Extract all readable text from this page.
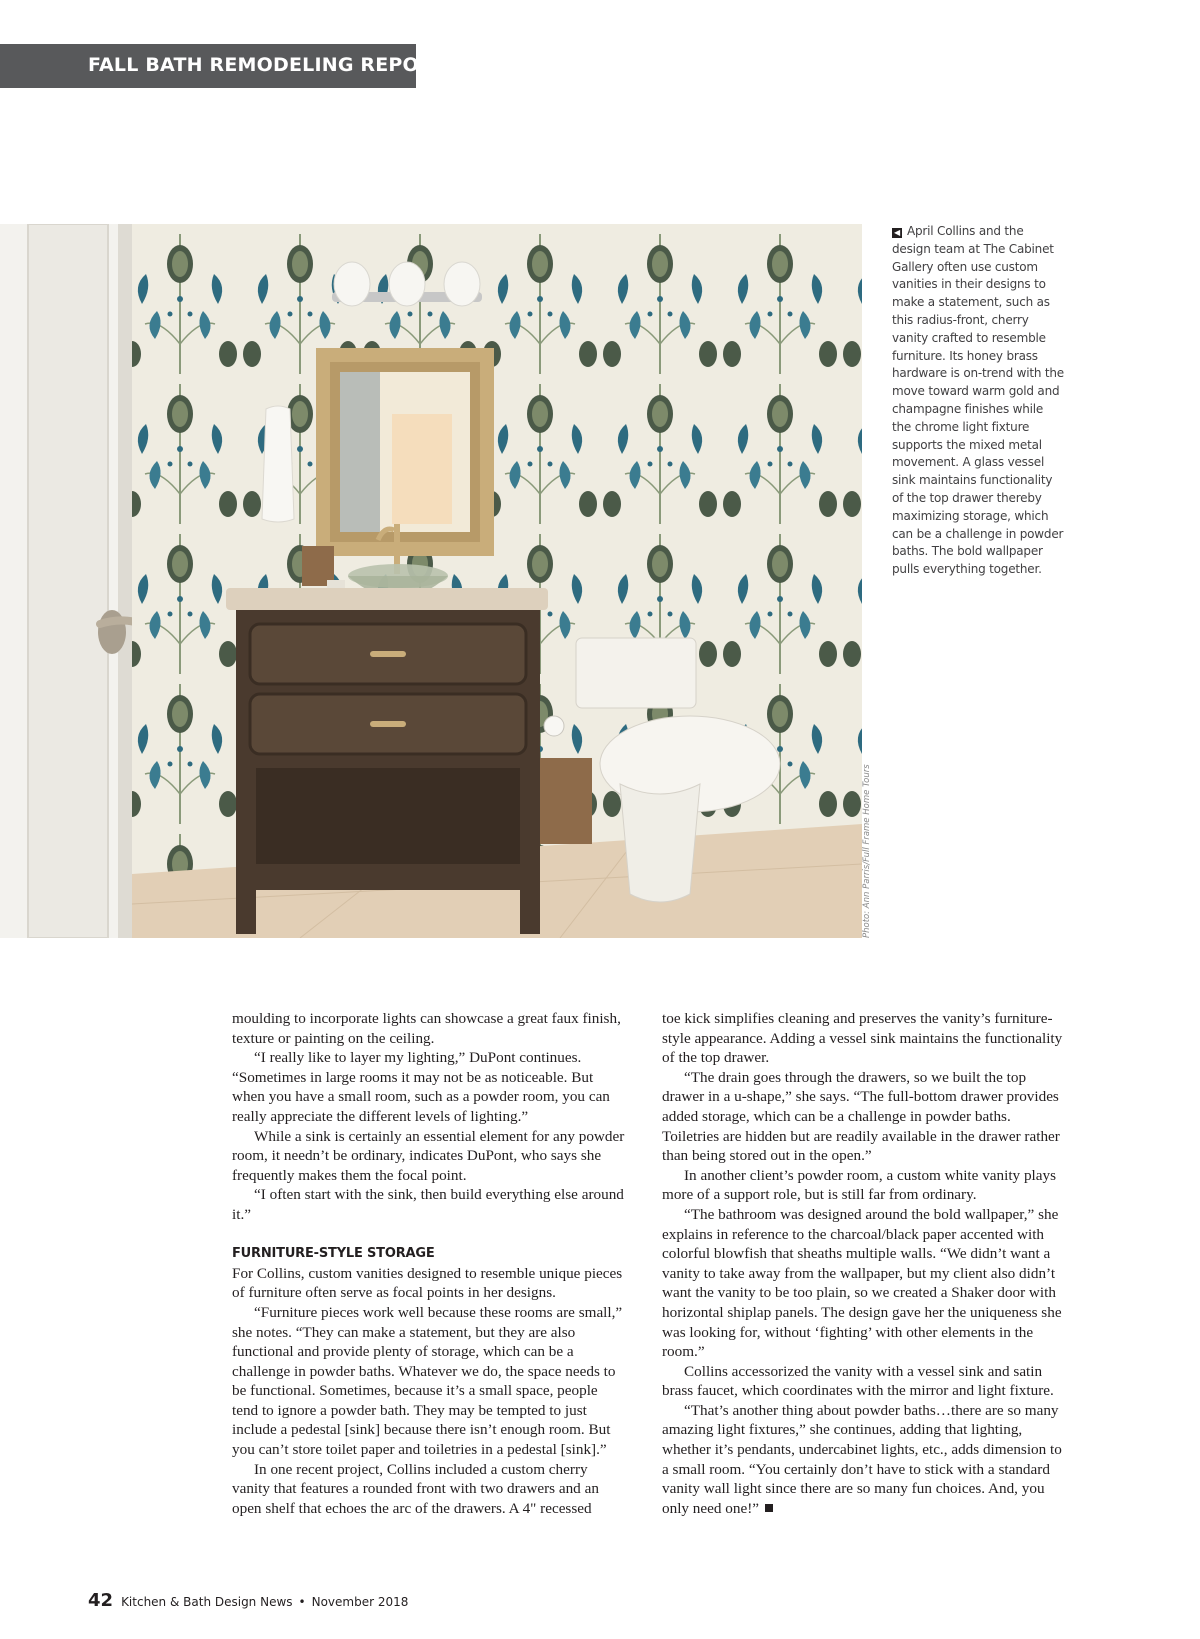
FALL BATH REMODELING REPORT
Photo: Ann Parris/Full Frame Home Tours
◀ April Collins and the design team at The Cabinet Gallery often use custom vanities in their designs to make a statement, such as this radius-front, cherry vanity crafted to resemble furniture. Its honey brass hardware is on-trend with the move toward warm gold and champagne finishes while the chrome light fixture supports the mixed metal movement. A glass vessel sink maintains functionality of the top drawer thereby maximizing storage, which can be a challenge in powder baths. The bold wallpaper pulls everything together.

moulding to incorporate lights can showcase a great faux finish, texture or painting on the ceiling.

“I really like to layer my lighting,” DuPont continues. “Sometimes in large rooms it may not be as noticeable. But when you have a small room, such as a powder room, you can really appreciate the different levels of lighting.”

While a sink is certainly an essential element for any powder room, it needn’t be ordinary, indicates DuPont, who says she frequently makes them the focal point.

“I often start with the sink, then build everything else around it.”

FURNITURE-STYLE STORAGE

For Collins, custom vanities designed to resemble unique pieces of furniture often serve as focal points in her designs.

“Furniture pieces work well because these rooms are small,” she notes. “They can make a statement, but they are also functional and provide plenty of storage, which can be a challenge in powder baths. Whatever we do, the space needs to be functional. Sometimes, because it’s a small space, people tend to ignore a powder bath. They may be tempted to just include a pedestal [sink] because there isn’t enough room. But you can’t store toilet paper and toiletries in a pedestal [sink].”

In one recent project, Collins included a custom cherry vanity that features a rounded front with two drawers and an open shelf that echoes the arc of the drawers. A 4" recessed

toe kick simplifies cleaning and preserves the vanity’s furniture-style appearance. Adding a vessel sink maintains the functionality of the top drawer.

“The drain goes through the drawers, so we built the top drawer in a u-shape,” she says. “The full-bottom drawer provides added storage, which can be a challenge in powder baths. Toiletries are hidden but are readily available in the drawer rather than being stored out in the open.”

In another client’s powder room, a custom white vanity plays more of a support role, but is still far from ordinary.

“The bathroom was designed around the bold wallpaper,” she explains in reference to the charcoal/black paper accented with colorful blowfish that sheaths multiple walls. “We didn’t want a vanity to take away from the wallpaper, but my client also didn’t want the vanity to be too plain, so we created a Shaker door with horizontal shiplap panels. The design gave her the uniqueness she was looking for, without ‘fighting’ with other elements in the room.”

Collins accessorized the vanity with a vessel sink and satin brass faucet, which coordinates with the mirror and light fixture.

“That’s another thing about powder baths…there are so many amazing light fixtures,” she continues, adding that lighting, whether it’s pendants, undercabinet lights, etc., adds dimension to a small room. “You certainly don’t have to stick with a standard vanity wall light since there are so many fun choices. And, you only need one!”

42 Kitchen & Bath Design News • November 2018
